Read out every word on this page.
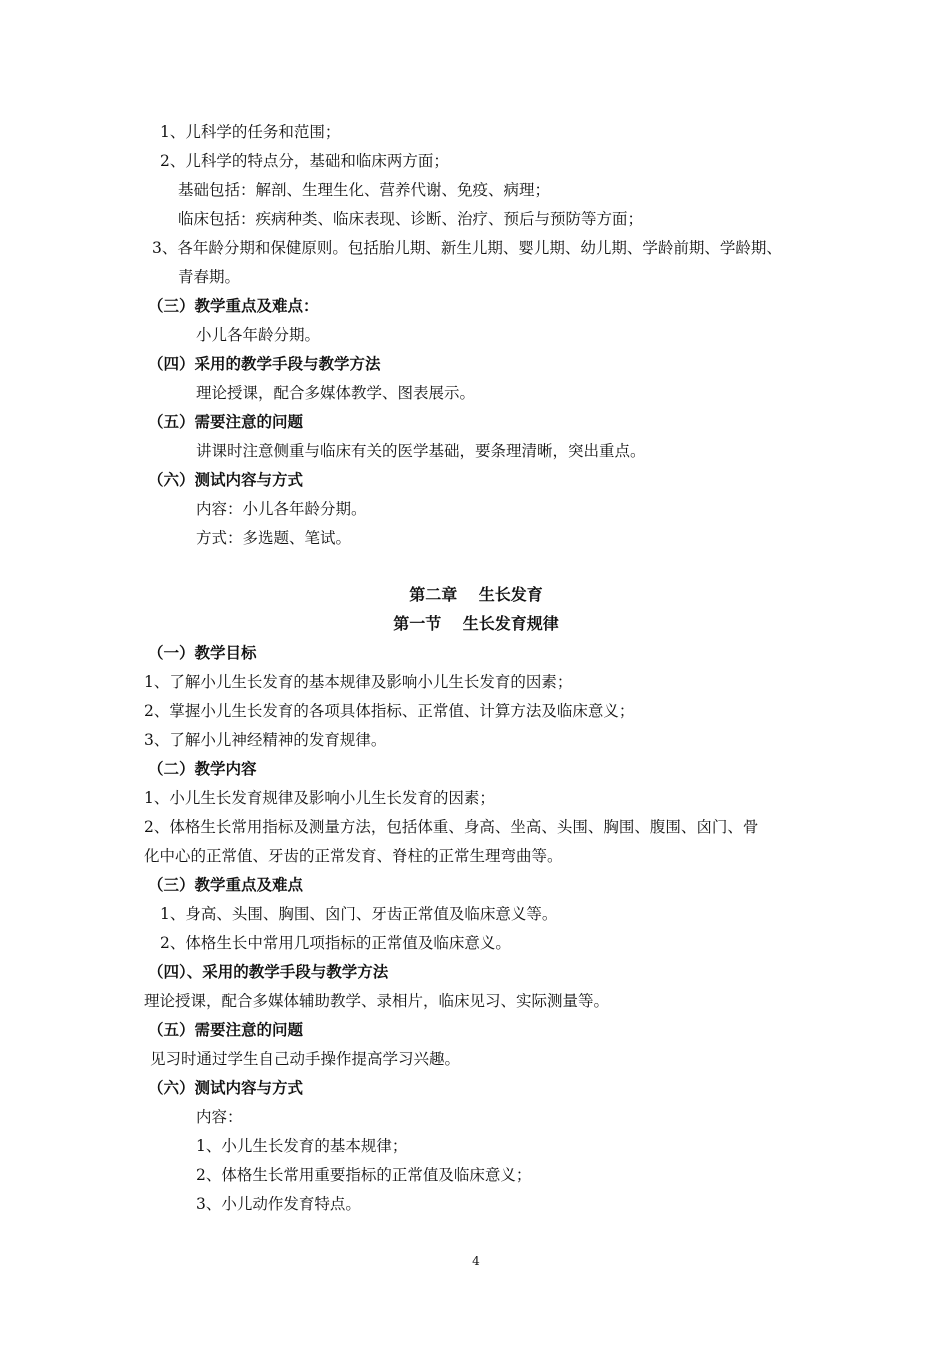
1、儿科学的任务和范围；
2、儿科学的特点分，基础和临床两方面；
基础包括：解剖、生理生化、营养代谢、免疫、病理；
临床包括：疾病种类、临床表现、诊断、治疗、预后与预防等方面；
3、各年龄分期和保健原则。包括胎儿期、新生儿期、婴儿期、幼儿期、学龄前期、学龄期、
青春期。
（三）教学重点及难点：
小儿各年龄分期。
（四）采用的教学手段与教学方法
理论授课，配合多媒体教学、图表展示。
（五）需要注意的问题
讲课时注意侧重与临床有关的医学基础，要条理清晰，突出重点。
（六）测试内容与方式
内容：小儿各年龄分期。
方式：多选题、笔试。
第二章　 生长发育
第一节　 生长发育规律
（一）教学目标
1、了解小儿生长发育的基本规律及影响小儿生长发育的因素；
2、掌握小儿生长发育的各项具体指标、正常值、计算方法及临床意义；
3、了解小儿神经精神的发育规律。
（二）教学内容
1、小儿生长发育规律及影响小儿生长发育的因素；
2、体格生长常用指标及测量方法，包括体重、身高、坐高、头围、胸围、腹围、囟门、骨
化中心的正常值、牙齿的正常发育、脊柱的正常生理弯曲等。
（三）教学重点及难点
1、身高、头围、胸围、囟门、牙齿正常值及临床意义等。
2、体格生长中常用几项指标的正常值及临床意义。
（四）、采用的教学手段与教学方法
理论授课，配合多媒体辅助教学、录相片，临床见习、实际测量等。
（五）需要注意的问题
见习时通过学生自己动手操作提高学习兴趣。
（六）测试内容与方式
内容：
1、小儿生长发育的基本规律；
2、体格生长常用重要指标的正常值及临床意义；
3、小儿动作发育特点。
4
